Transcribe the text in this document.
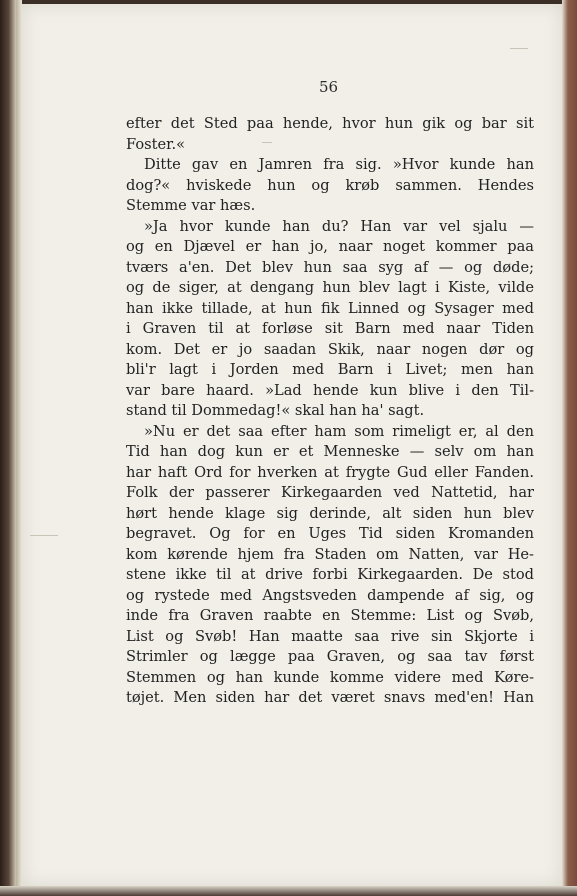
56
efter det Sted paa hende, hvor hun gik og bar sit
Foster.«
Ditte gav en Jamren fra sig. »Hvor kunde han
dog?« hviskede hun og krøb sammen. Hendes
Stemme var hæs.
»Ja hvor kunde han du? Han var vel sjalu —
og en Djævel er han jo, naar noget kommer paa
tværs a'en. Det blev hun saa syg af — og døde;
og de siger, at dengang hun blev lagt i Kiste, vilde
han ikke tillade, at hun fik Linned og Sysager med
i Graven til at forløse sit Barn med naar Tiden
kom. Det er jo saadan Skik, naar nogen dør og
bli'r lagt i Jorden med Barn i Livet; men han
var bare haard. »Lad hende kun blive i den Til-
stand til Dommedag!« skal han ha' sagt.
»Nu er det saa efter ham som rimeligt er, al den
Tid han dog kun er et Menneske — selv om han
har haft Ord for hverken at frygte Gud eller Fanden.
Folk der passerer Kirkegaarden ved Nattetid, har
hørt hende klage sig derinde, alt siden hun blev
begravet. Og for en Uges Tid siden Kromanden
kom kørende hjem fra Staden om Natten, var He-
stene ikke til at drive forbi Kirkegaarden. De stod
og rystede med Angstsveden dampende af sig, og
inde fra Graven raabte en Stemme: List og Svøb,
List og Svøb! Han maatte saa rive sin Skjorte i
Strimler og lægge paa Graven, og saa tav først
Stemmen og han kunde komme videre med Køre-
tøjet. Men siden har det været snavs med'en! Han
